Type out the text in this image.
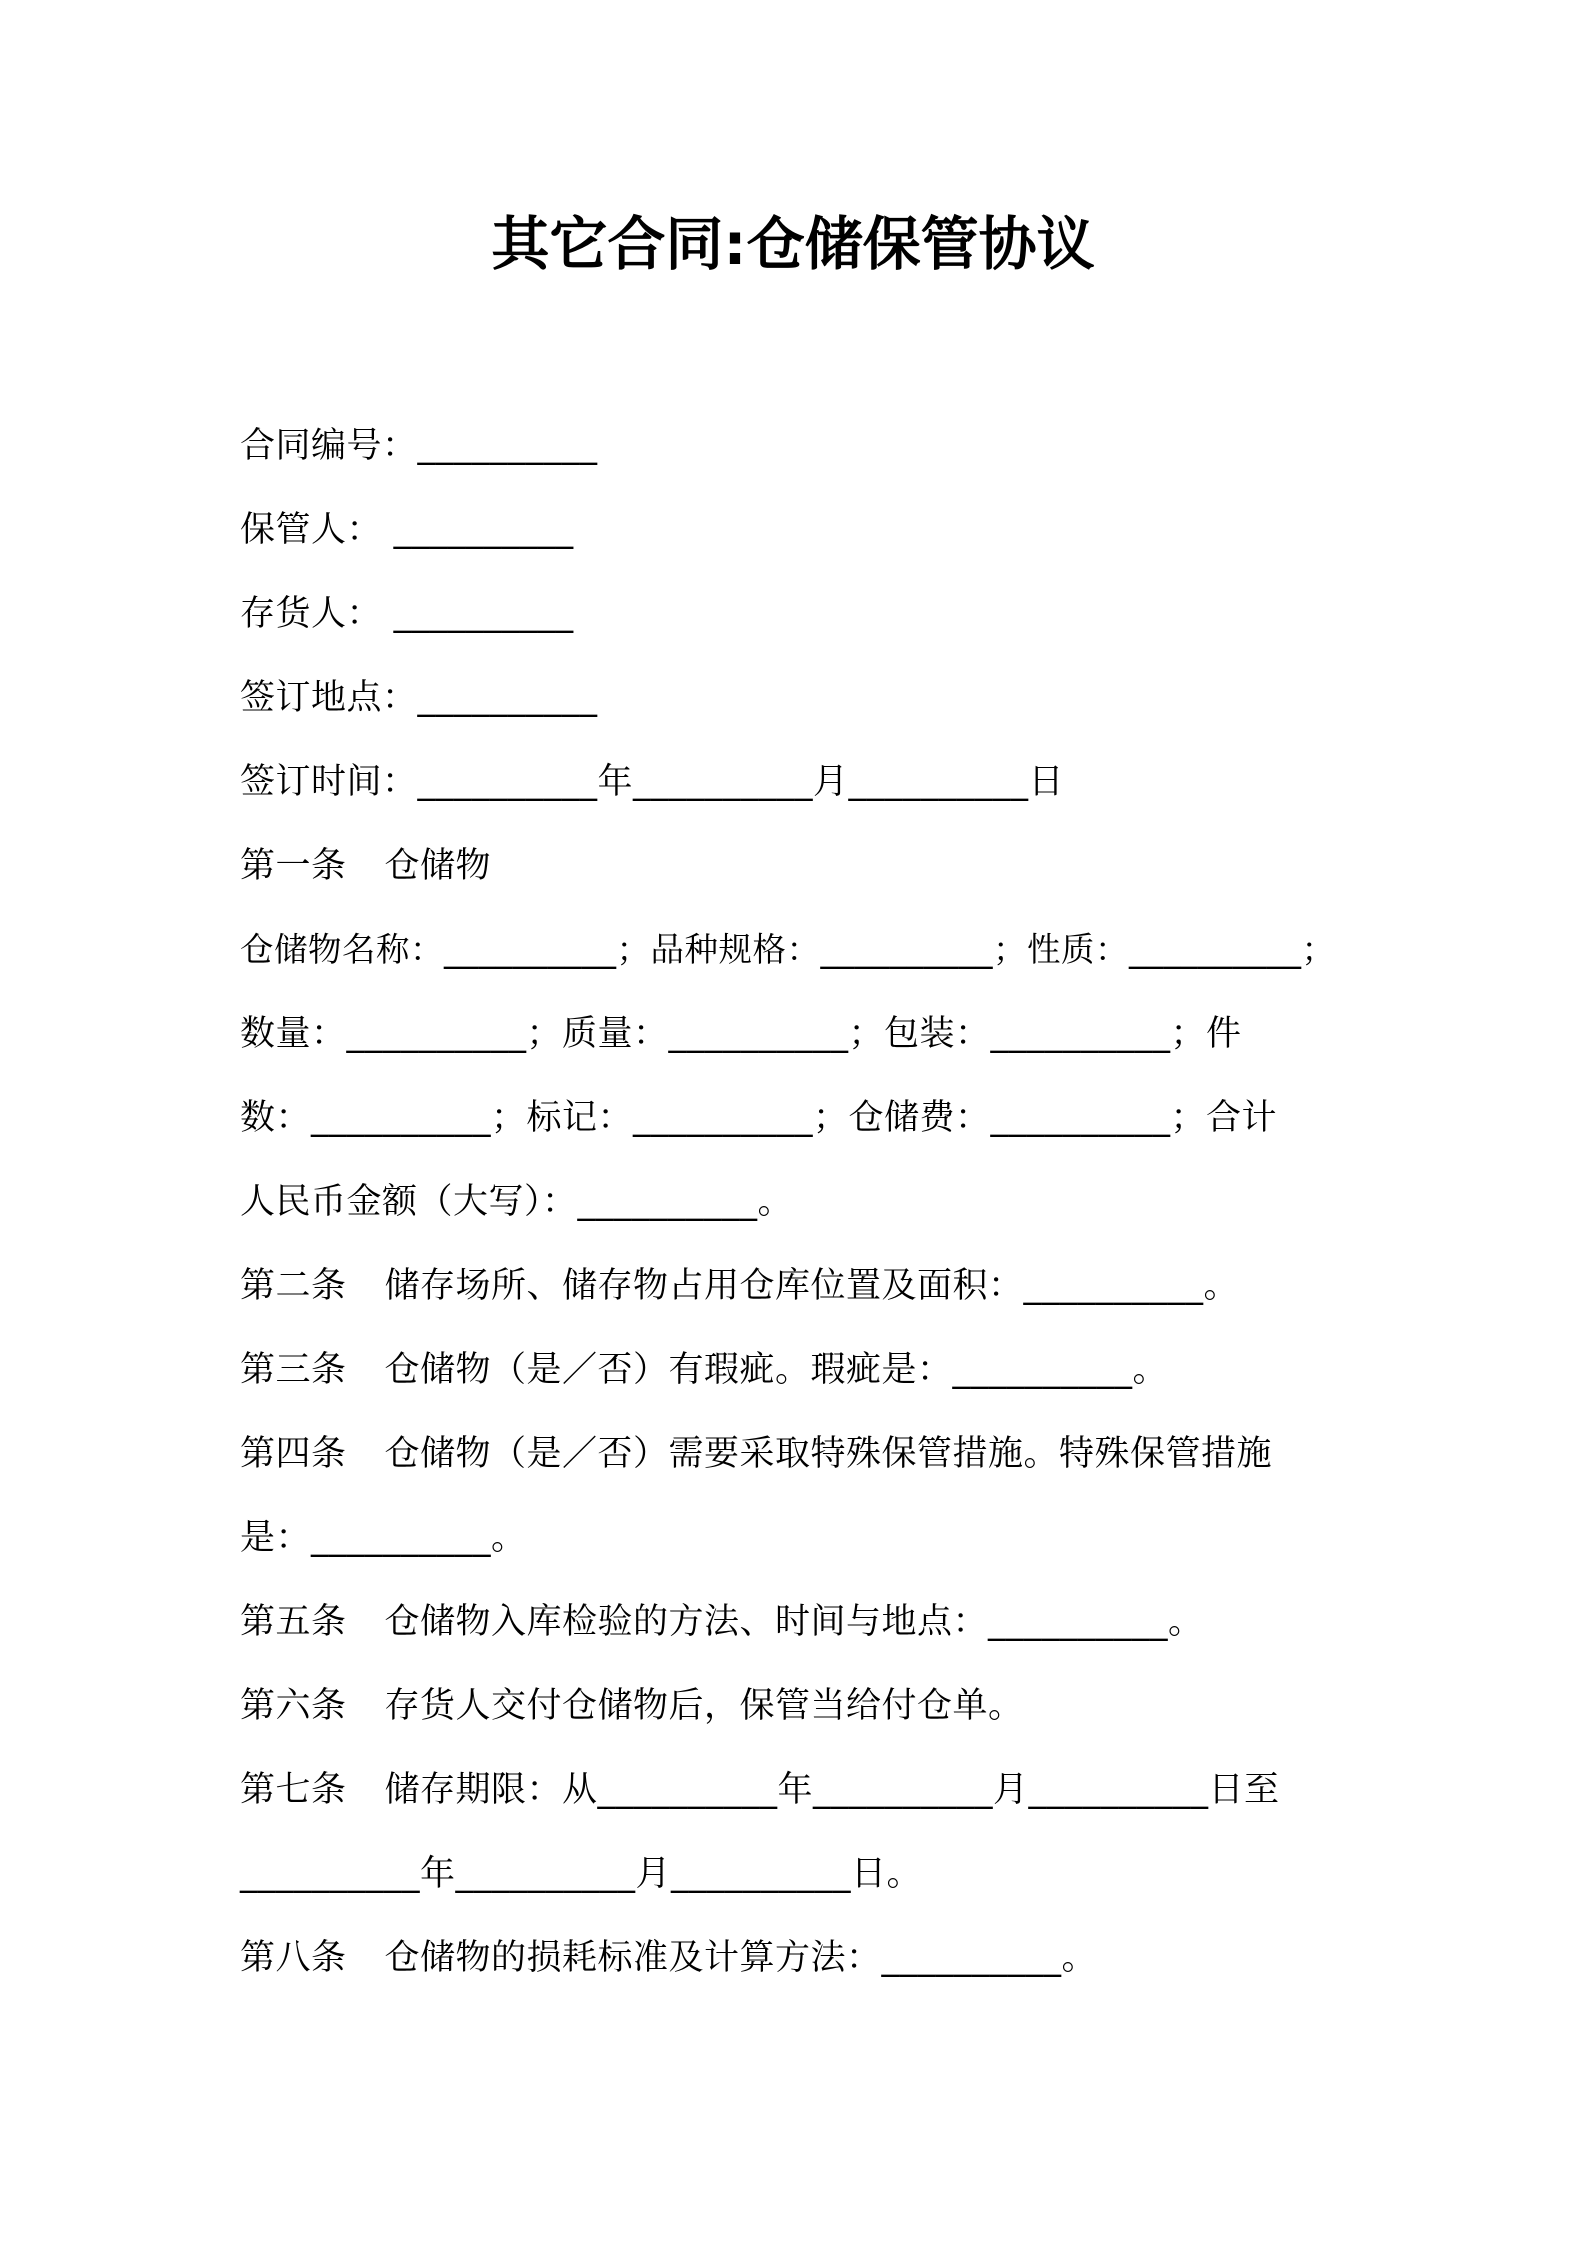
其它合同:仓储保管协议
合同编号：__________
保管人： __________
存货人： __________
签订地点：__________
签订时间：__________年__________月__________日
第一条 仓储物
仓储物名称：__________；品种规格：__________；性质：__________；
数量：__________；质量：__________；包装：__________；件
数：__________；标记：__________；仓储费：__________；合计
人民币金额（大写）：__________。
第二条 储存场所、储存物占用仓库位置及面积：__________。
第三条 仓储物（是／否）有瑕疵。瑕疵是：__________。
第四条 仓储物（是／否）需要采取特殊保管措施。特殊保管措施
是：__________。
第五条 仓储物入库检验的方法、时间与地点：__________。
第六条 存货人交付仓储物后，保管当给付仓单。
第七条 储存期限：从__________年__________月__________日至
__________年__________月__________日。
第八条 仓储物的损耗标准及计算方法：__________。
